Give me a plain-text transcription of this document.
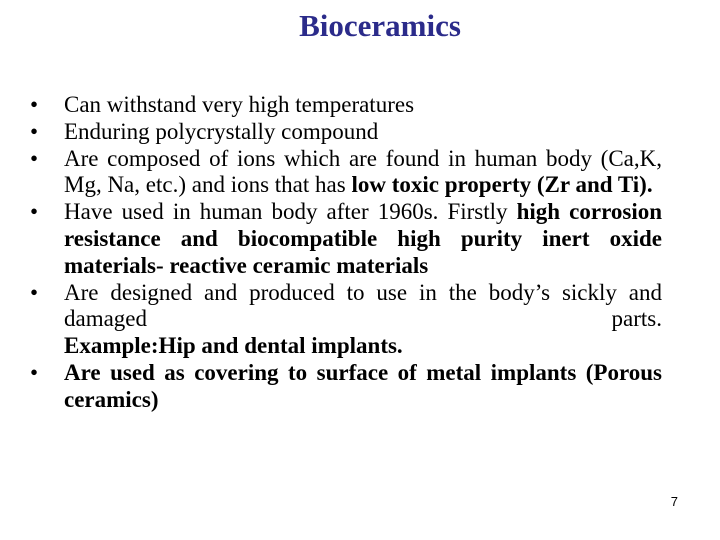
Bioceramics
•	Can withstand very high temperatures
•	Enduring polycrystally compound
•	Are composed of ions which are found in human body (Ca,K, Mg, Na, etc.) and ions that has low toxic property (Zr and Ti).
•	Have used in human body after 1960s. Firstly high corrosion resistance and biocompatible high purity inert oxide materials- reactive ceramic materials
•	Are designed and produced to use in the body’s sickly and damaged parts.
Example:Hip and dental implants.
•	Are used as covering to surface of metal implants (Porous ceramics)
7
